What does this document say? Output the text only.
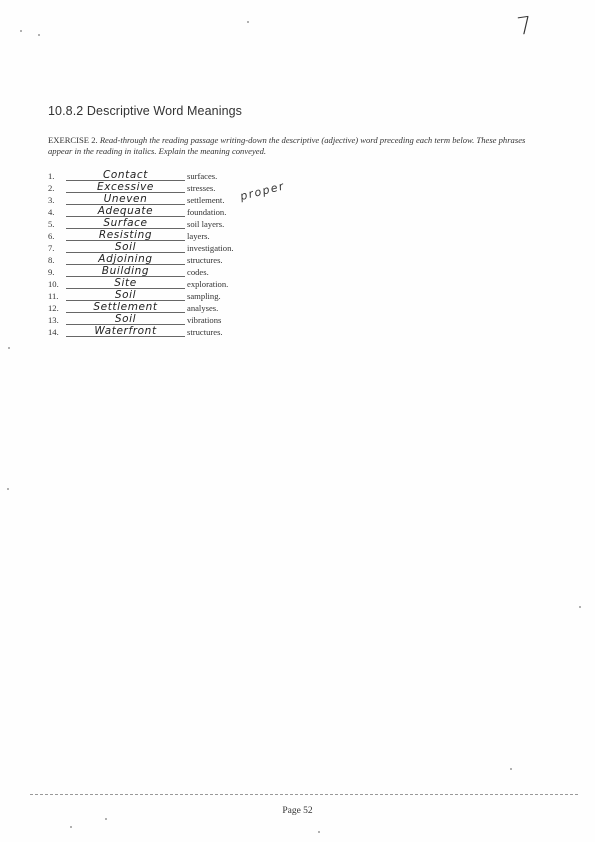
7
10.8.2 Descriptive Word Meanings
EXERCISE 2. Read-through the reading passage writing-down the descriptive (adjective) word preceding each term below. These phrases appear in the reading in italics. Explain the meaning conveyed.
1.	Contact	surfaces.
2.	Excessive	stresses.
3.	Uneven	settlement.
4.	Adequate	foundation.
5.	Surface	soil layers.
6.	Resisting	layers.
7.	Soil	investigation.
8.	Adjoining	structures.
9.	Building	codes.
10.	Site	exploration.
11.	Soil	sampling.
12.	Settlement	analyses.
13.	Soil	vibrations
14.	Waterfront	structures.
proper
Page 52
